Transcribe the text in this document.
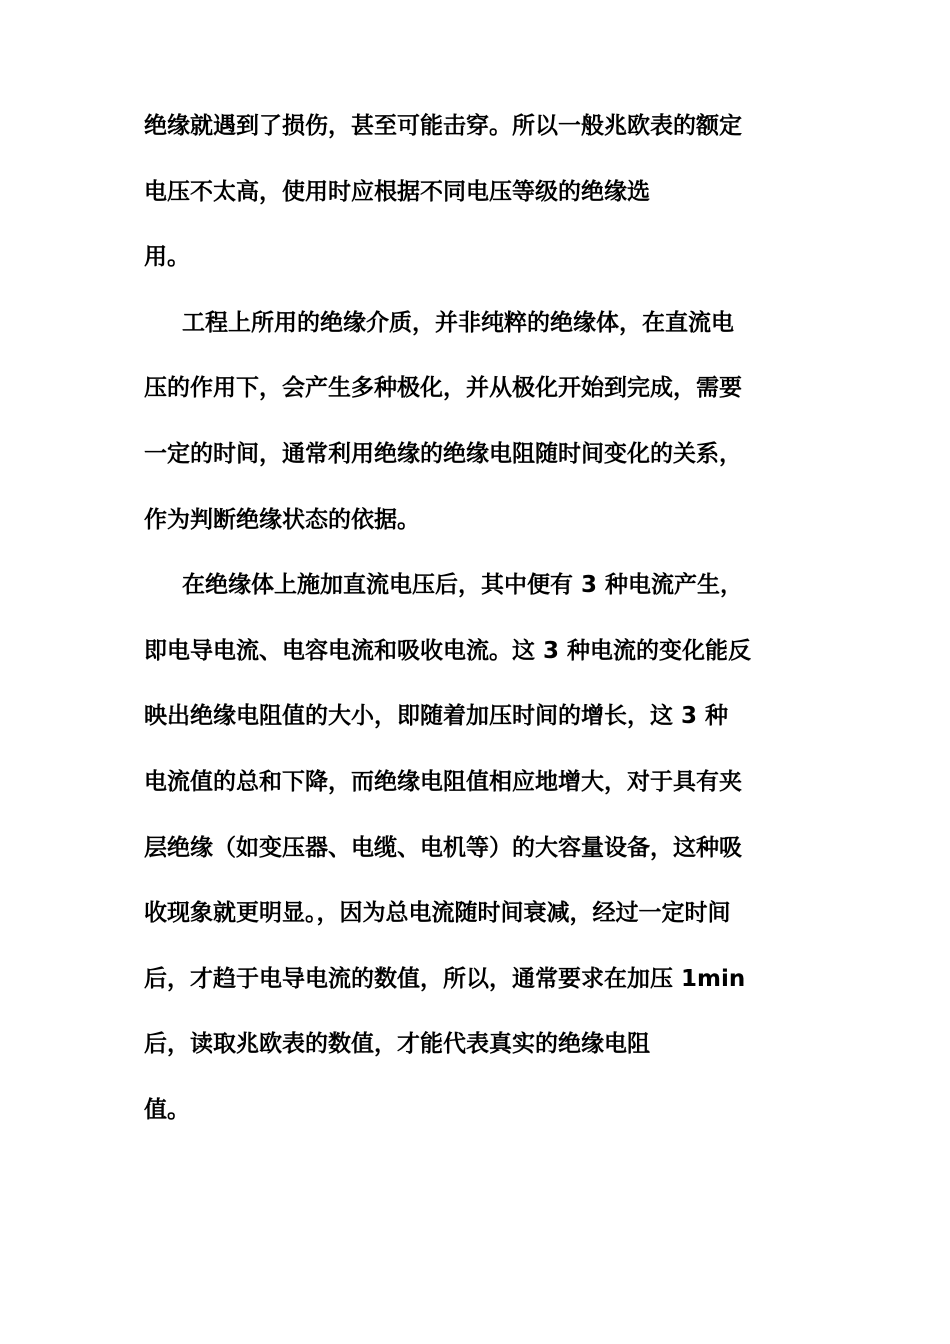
绝缘就遇到了损伤，甚至可能击穿。所以一般兆欧表的额定
电压不太高，使用时应根据不同电压等级的绝缘选
用。
工程上所用的绝缘介质，并非纯粹的绝缘体，在直流电
压的作用下，会产生多种极化，并从极化开始到完成，需要
一定的时间，通常利用绝缘的绝缘电阻随时间变化的关系，
作为判断绝缘状态的依据。
在绝缘体上施加直流电压后，其中便有 3 种电流产生，
即电导电流、电容电流和吸收电流。这 3 种电流的变化能反
映出绝缘电阻值的大小，即随着加压时间的增长，这 3 种
电流值的总和下降，而绝缘电阻值相应地增大，对于具有夹
层绝缘（如变压器、电缆、电机等）的大容量设备，这种吸
收现象就更明显。，因为总电流随时间衰减，经过一定时间
后，才趋于电导电流的数值，所以，通常要求在加压 1min
后，读取兆欧表的数值，才能代表真实的绝缘电阻
值。
